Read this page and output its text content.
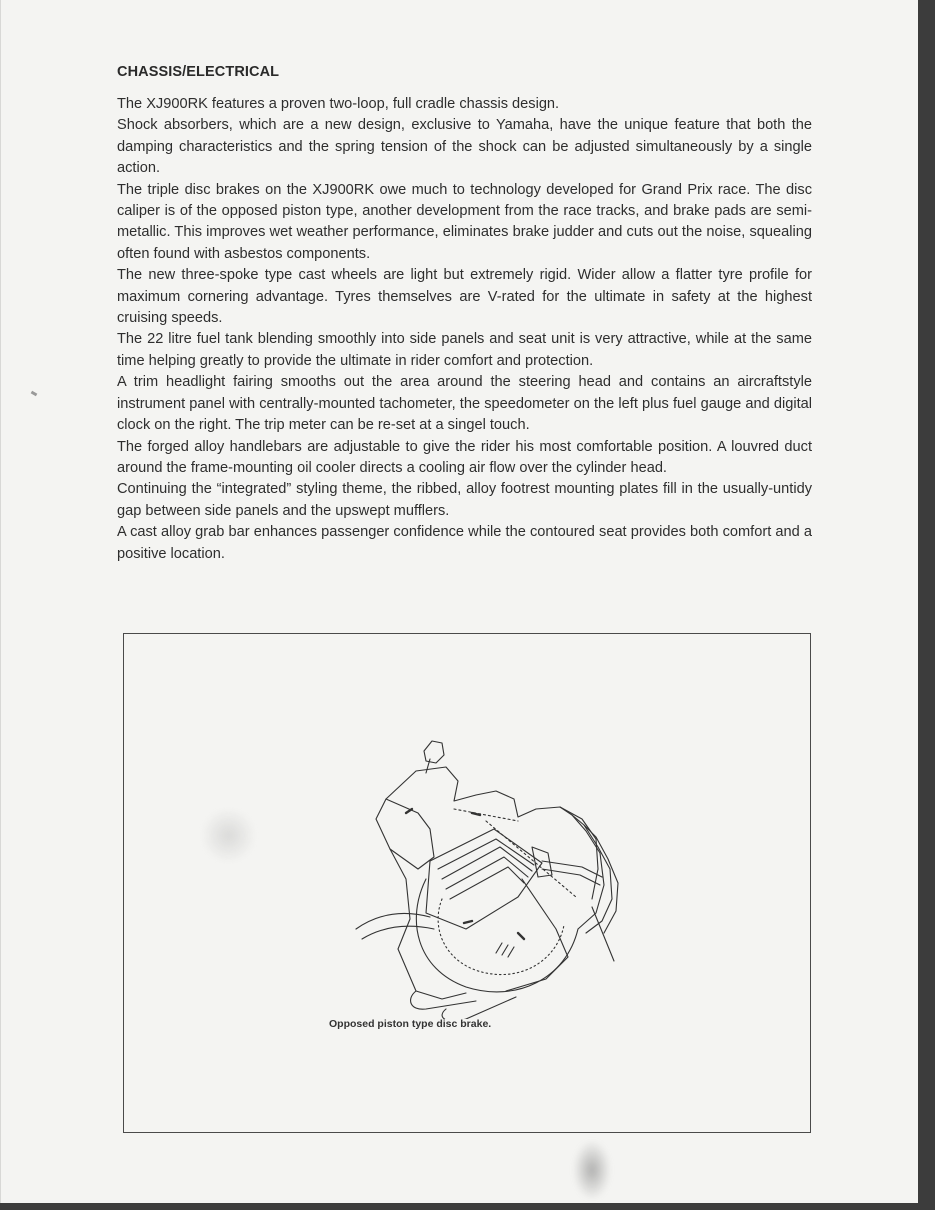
CHASSIS/ELECTRICAL

The XJ900RK features a proven two-loop, full cradle chassis design.

Shock absorbers, which are a new design, exclusive to Yamaha, have the unique feature that both the damping characteristics and the spring tension of the shock can be adjusted simultaneously by a single action.

The triple disc brakes on the XJ900RK owe much to technology developed for Grand Prix race. The disc caliper is of the opposed piston type, another development from the race tracks, and brake pads are semi-metallic. This improves wet weather performance, eliminates brake judder and cuts out the noise, squealing often found with asbestos components.

The new three-spoke type cast wheels are light but extremely rigid. Wider allow a flatter tyre profile for maximum cornering advantage. Tyres themselves are V-rated for the ultimate in safety at the highest cruising speeds.

The 22 litre fuel tank blending smoothly into side panels and seat unit is very attractive, while at the same time helping greatly to provide the ultimate in rider comfort and protection.

A trim headlight fairing smooths out the area around the steering head and contains an aircraftstyle instrument panel with centrally-mounted tachometer, the speedometer on the left plus fuel gauge and digital clock on the right. The trip meter can be re-set at a singel touch.

The forged alloy handlebars are adjustable to give the rider his most comfortable position. A louvred duct around the frame-mounting oil cooler directs a cooling air flow over the cylinder head.

Continuing the “integrated” styling theme, the ribbed, alloy footrest mounting plates fill in the usually-untidy gap between side panels and the upswept mufflers.

A cast alloy grab bar enhances passenger confidence while the contoured seat provides both comfort and a positive location.

Opposed piston type disc brake.
